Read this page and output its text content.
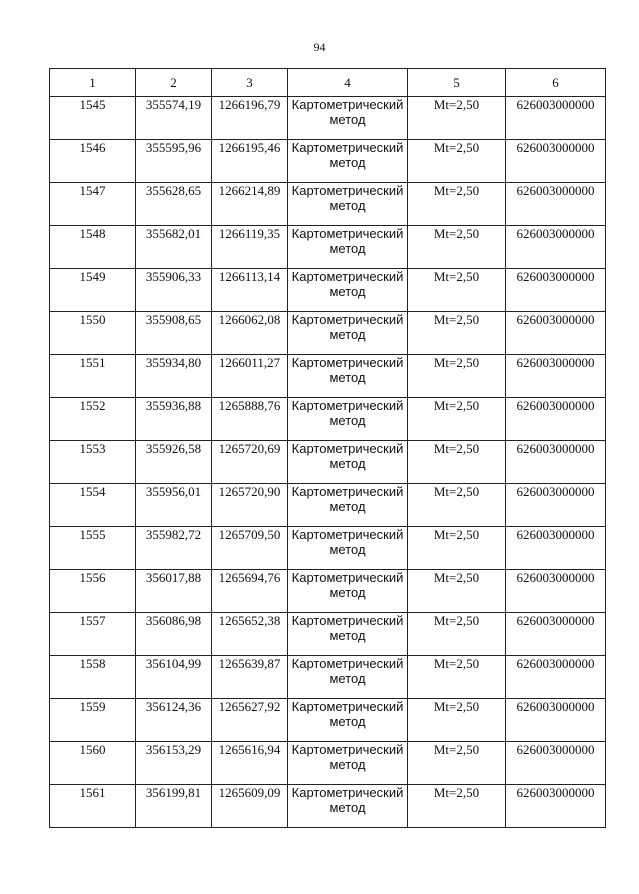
94
1	2	3	4	5	6
1545	355574,19	1266196,79	Картометрический метод	Mt=2,50	626003000000
1546	355595,96	1266195,46	Картометрический метод	Mt=2,50	626003000000
1547	355628,65	1266214,89	Картометрический метод	Mt=2,50	626003000000
1548	355682,01	1266119,35	Картометрический метод	Mt=2,50	626003000000
1549	355906,33	1266113,14	Картометрический метод	Mt=2,50	626003000000
1550	355908,65	1266062,08	Картометрический метод	Mt=2,50	626003000000
1551	355934,80	1266011,27	Картометрический метод	Mt=2,50	626003000000
1552	355936,88	1265888,76	Картометрический метод	Mt=2,50	626003000000
1553	355926,58	1265720,69	Картометрический метод	Mt=2,50	626003000000
1554	355956,01	1265720,90	Картометрический метод	Mt=2,50	626003000000
1555	355982,72	1265709,50	Картометрический метод	Mt=2,50	626003000000
1556	356017,88	1265694,76	Картометрический метод	Mt=2,50	626003000000
1557	356086,98	1265652,38	Картометрический метод	Mt=2,50	626003000000
1558	356104,99	1265639,87	Картометрический метод	Mt=2,50	626003000000
1559	356124,36	1265627,92	Картометрический метод	Mt=2,50	626003000000
1560	356153,29	1265616,94	Картометрический метод	Mt=2,50	626003000000
1561	356199,81	1265609,09	Картометрический метод	Mt=2,50	626003000000
